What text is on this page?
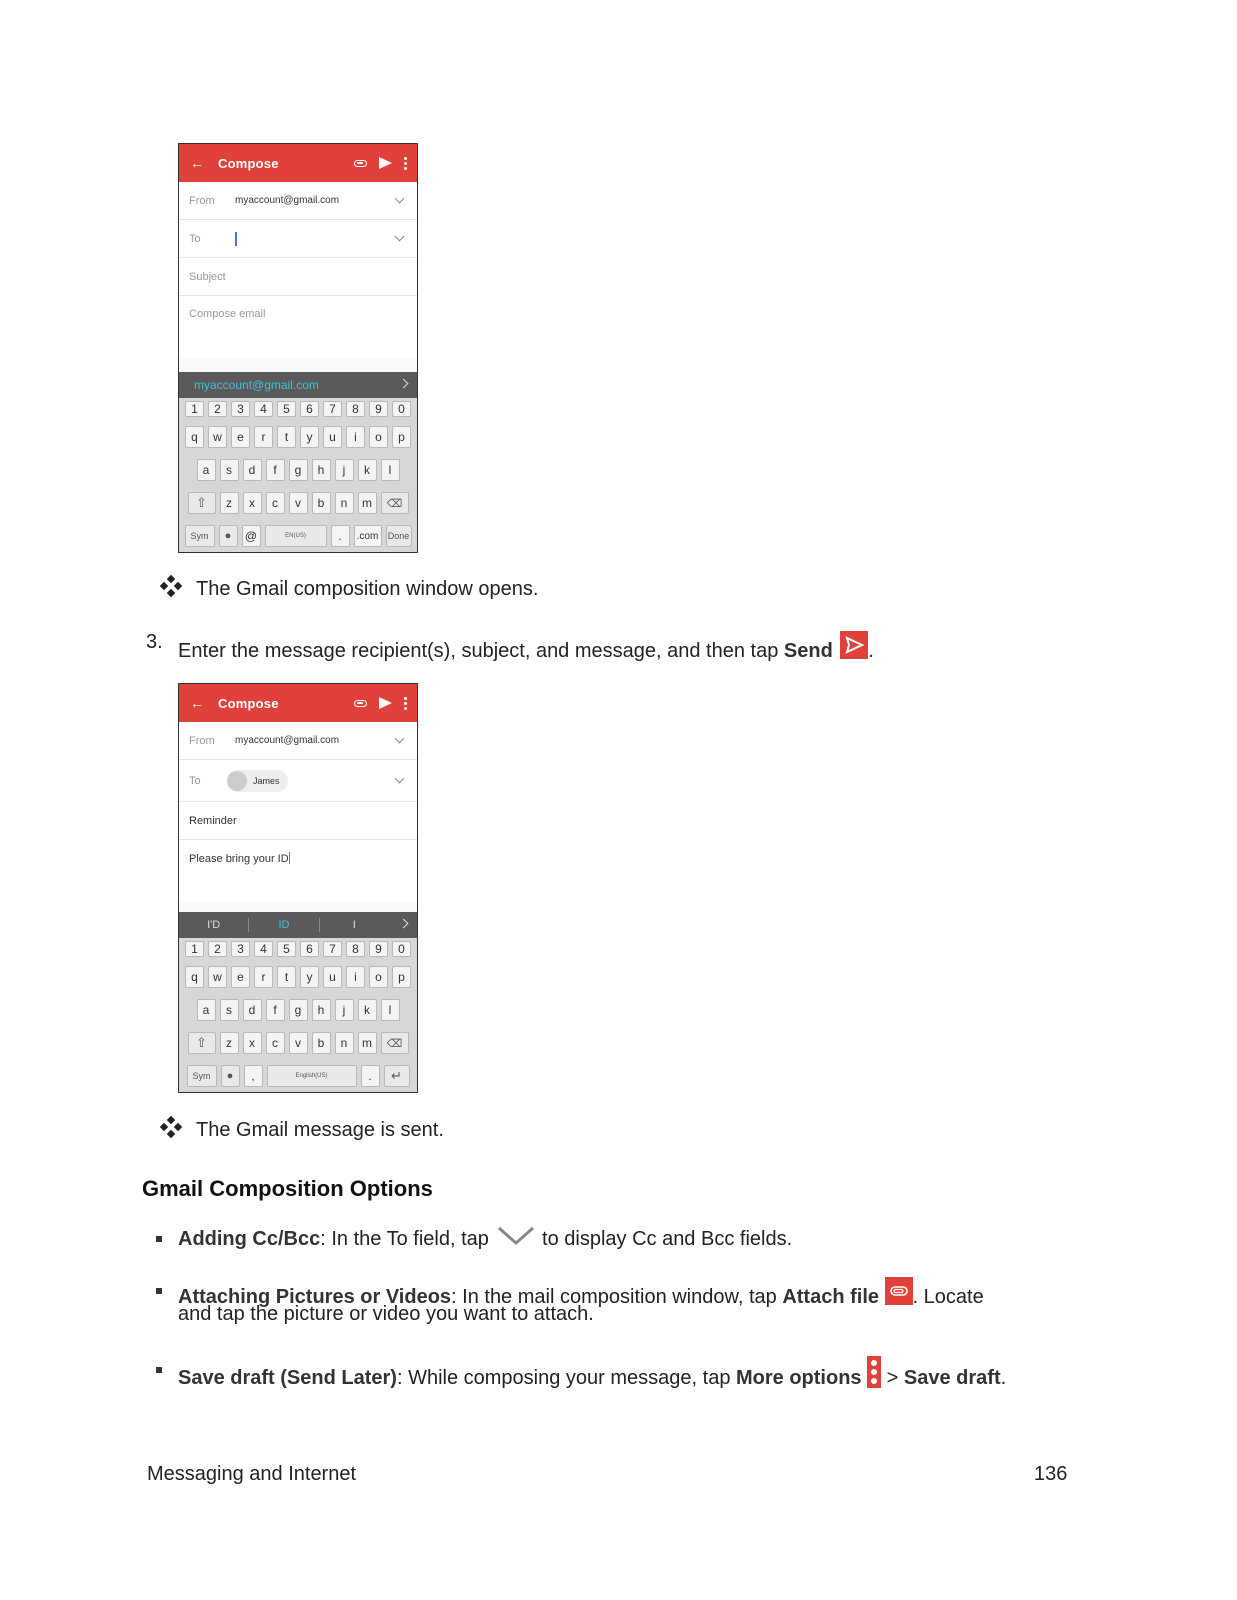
← Compose
From	myaccount@gmail.com
To
Subject
Compose email
myaccount@gmail.com
1	2	3	4	5	6	7	8	9	0
q	w	e	r	t	y	u	i	o	p
a	s	d	f	g	h	j	k	l
⇧	z	x	c	v	b	n	m	⌫
Sym	●	@	EN(US)	.	.com	Done
The Gmail composition window opens.
3. Enter the message recipient(s), subject, and message, and then tap Send .
← Compose
From	myaccount@gmail.com
To	James
Reminder
Please bring your ID
I'D	ID	I
1	2	3	4	5	6	7	8	9	0
q	w	e	r	t	y	u	i	o	p
a	s	d	f	g	h	j	k	l
⇧	z	x	c	v	b	n	m	⌫
Sym	●	,	English(US)	.	↵
The Gmail message is sent.
Gmail Composition Options
Adding Cc/Bcc: In the To field, tap	to display Cc and Bcc fields.
Attaching Pictures or Videos: In the mail composition window, tap Attach file . Locate
and tap the picture or video you want to attach.
Save draft (Send Later): While composing your message, tap More options  > Save draft.
Messaging and Internet	136
